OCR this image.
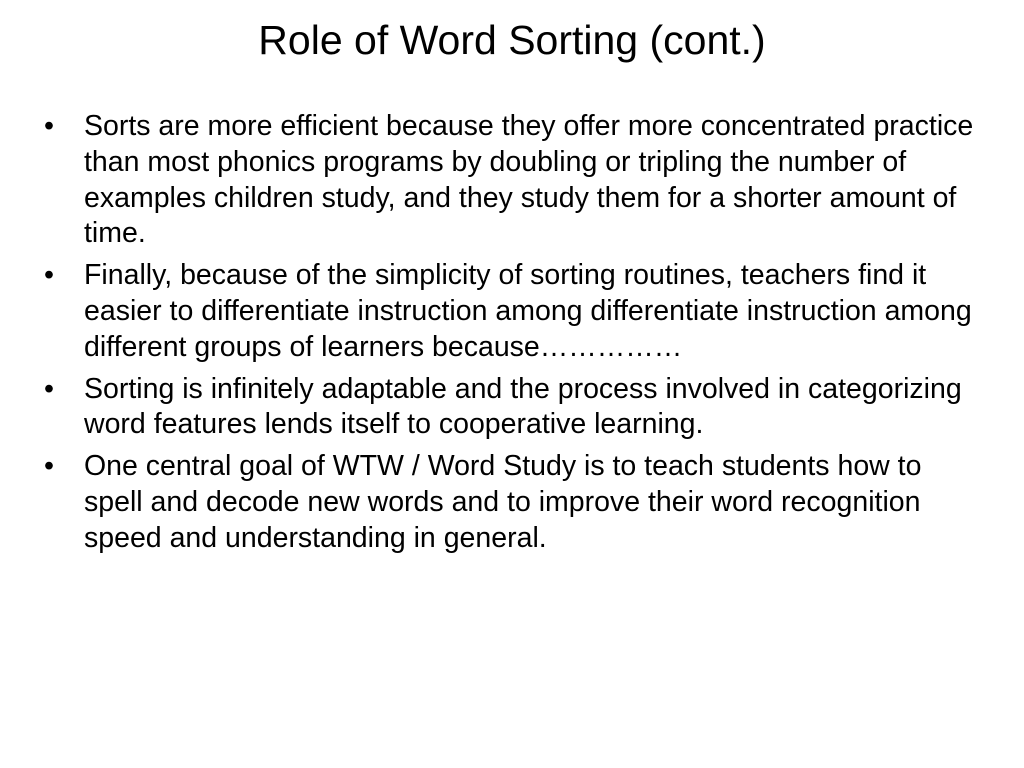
Role of Word Sorting (cont.)
•	Sorts are more efficient because they offer more concentrated practice than most phonics programs by doubling or tripling the number of examples children study, and they study them for a shorter amount of time.
•	Finally, because of the simplicity of sorting routines, teachers find it easier to differentiate instruction among differentiate instruction among different groups of learners because……………
•	Sorting is infinitely adaptable and the process involved in categorizing word features lends itself to cooperative learning.
•	One central goal of WTW / Word Study is to teach students how to spell and decode new words and to improve their word recognition speed and understanding in general.
